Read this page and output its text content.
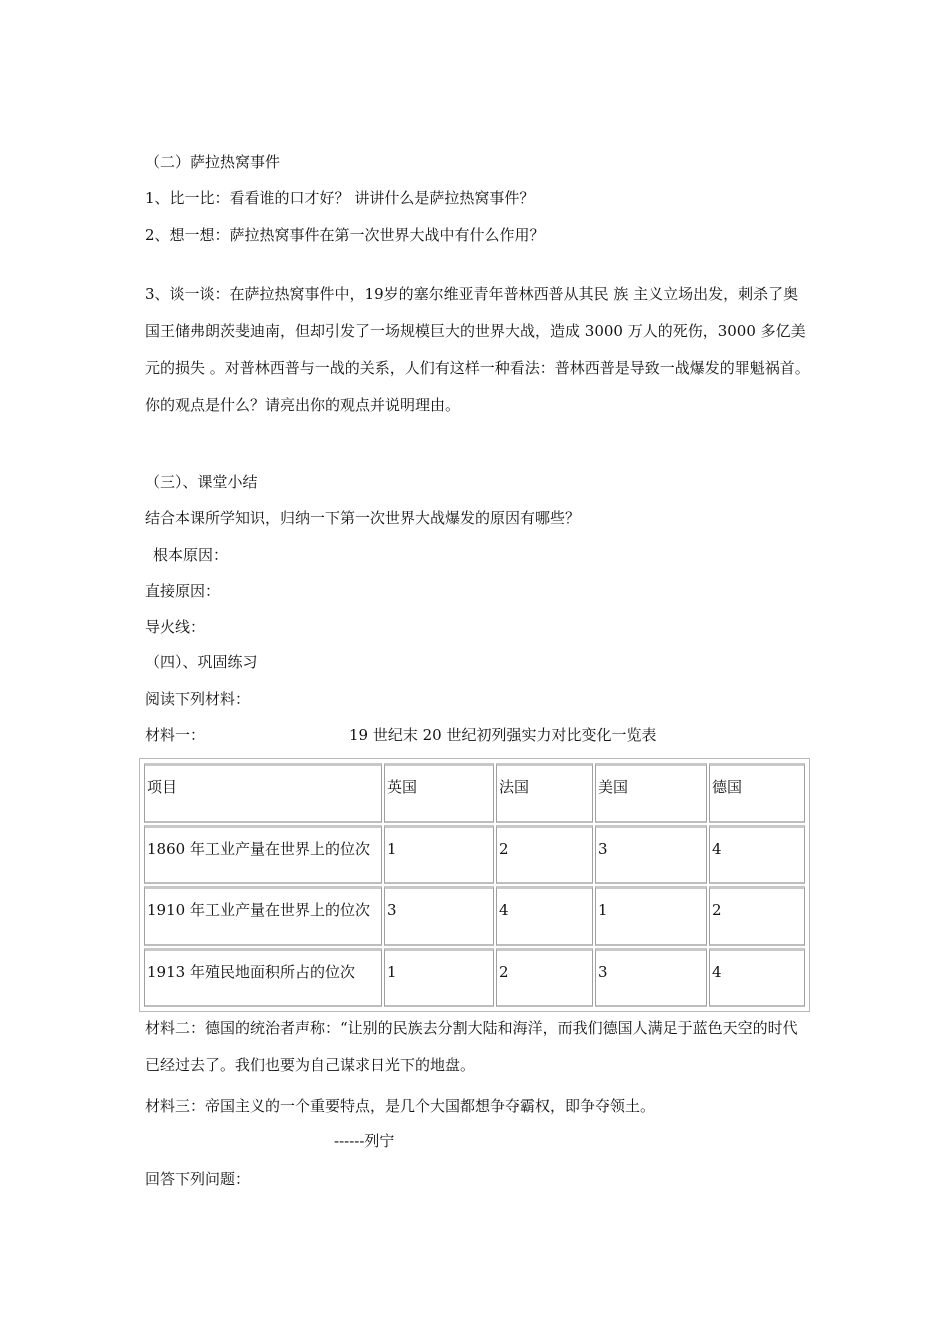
（二）萨拉热窝事件
1、比一比：看看谁的口才好？ 讲讲什么是萨拉热窝事件？
2、想一想：萨拉热窝事件在第一次世界大战中有什么作用？
3、谈一谈：在萨拉热窝事件中，19岁的塞尔维亚青年普林西普从其民 族 主义立场出发，刺杀了奥国王储弗朗茨斐迪南，但却引发了一场规模巨大的世界大战，造成 3000 万人的死伤，3000 多亿美元的损失 。对普林西普与一战的关系，人们有这样一种看法：普林西普是导致一战爆发的罪魁祸首。你的观点是什么？请亮出你的观点并说明理由。
（三）、课堂小结
结合本课所学知识，归纳一下第一次世界大战爆发的原因有哪些？
根本原因：
直接原因：
导火线：
（四）、巩固练习
阅读下列材料：
材料一：	19 世纪末 20 世纪初列强实力对比变化一览表
项目	英国	法国	美国	德国
1860 年工业产量在世界上的位次	1	2	3	4
1910 年工业产量在世界上的位次	3	4	1	2
1913 年殖民地面积所占的位次	1	2	3	4
材料二：德国的统治者声称：“让别的民族去分割大陆和海洋，而我们德国人满足于蓝色天空的时代已经过去了。我们也要为自己谋求日光下的地盘。
材料三：帝国主义的一个重要特点，是几个大国都想争夺霸权，即争夺领土。
------列宁
回答下列问题：
